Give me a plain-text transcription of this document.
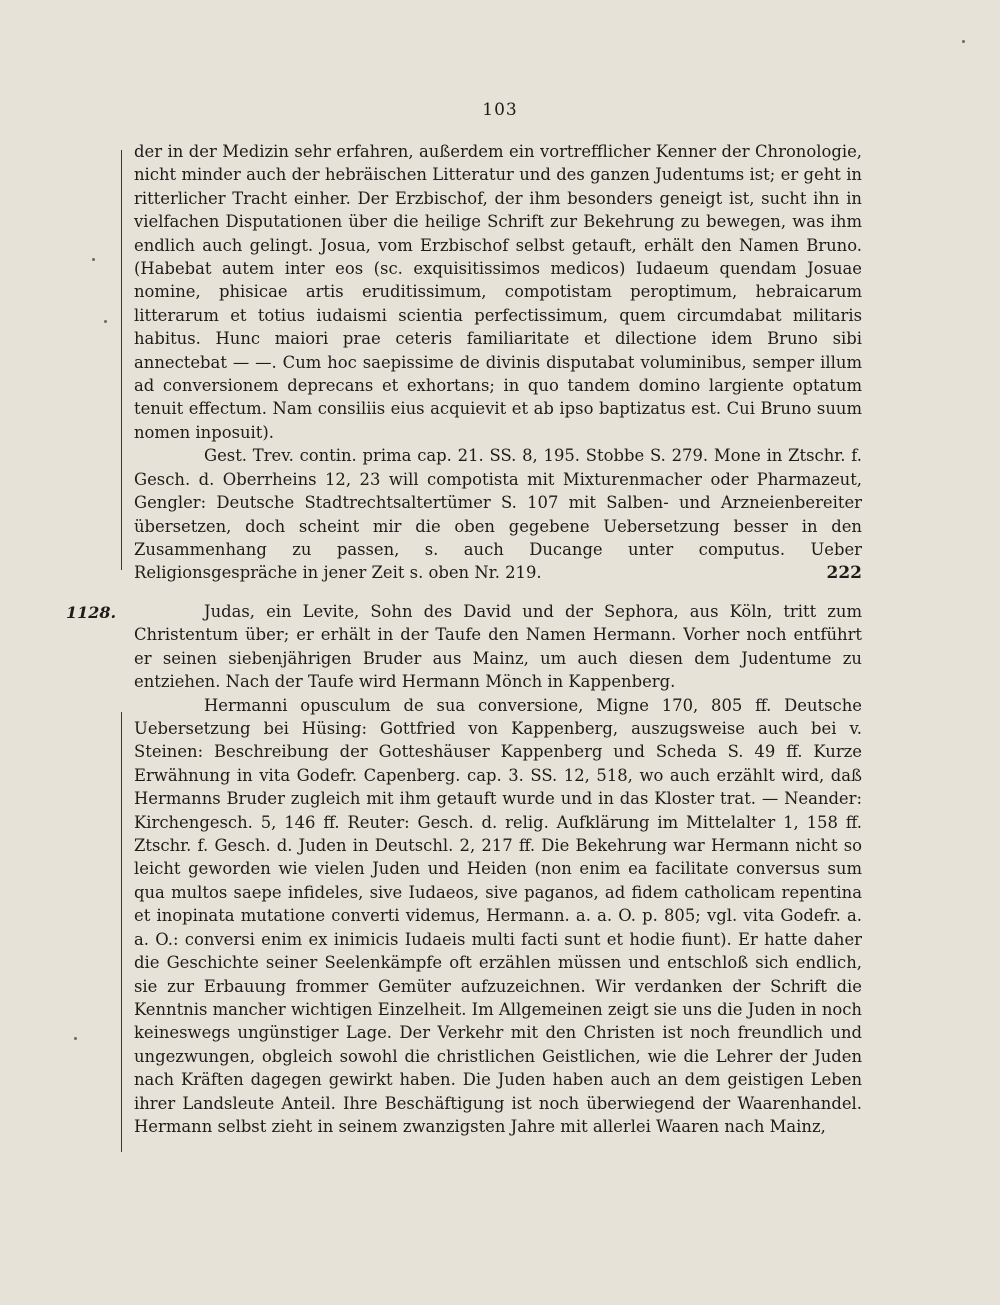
103

der in der Medizin sehr erfahren, außerdem ein vortrefflicher Kenner der Chronologie, nicht minder auch der hebräischen Litteratur und des ganzen Judentums ist; er geht in ritterlicher Tracht einher. Der Erzbischof, der ihm besonders geneigt ist, sucht ihn in vielfachen Disputationen über die heilige Schrift zur Bekehrung zu bewegen, was ihm endlich auch gelingt. Josua, vom Erzbischof selbst getauft, erhält den Namen Bruno. (Habebat autem inter eos (sc. exquisitissimos medicos) Iudaeum quendam Josuae nomine, phisicae artis eruditissimum, compotistam peroptimum, hebraicarum litterarum et totius iudaismi scientia perfectissimum, quem circumdabat militaris habitus. Hunc maiori prae ceteris familiaritate et dilectione idem Bruno sibi annectebat — —. Cum hoc saepissime de divinis disputabat voluminibus, semper illum ad conversionem deprecans et exhortans; in quo tandem domino largiente optatum tenuit effectum. Nam consiliis eius acquievit et ab ipso baptizatus est. Cui Bruno suum nomen inposuit).

Gest. Trev. contin. prima cap. 21. SS. 8, 195. Stobbe S. 279. Mone in Ztschr. f. Gesch. d. Oberrheins 12, 23 will compotista mit Mixturenmacher oder Pharmazeut, Gengler: Deutsche Stadtrechtsaltertümer S. 107 mit Salben- und Arzneienbereiter übersetzen, doch scheint mir die oben gegebene Uebersetzung besser in den Zusammenhang zu passen, s. auch Ducange unter computus. Ueber Religionsgespräche in jener Zeit s. oben Nr. 219.	222
1128.	Judas, ein Levite, Sohn des David und der Sephora, aus Köln, tritt zum Christentum über; er erhält in der Taufe den Namen Hermann. Vorher noch entführt er seinen siebenjährigen Bruder aus Mainz, um auch diesen dem Judentume zu entziehen. Nach der Taufe wird Hermann Mönch in Kappenberg.

Hermanni opusculum de sua conversione, Migne 170, 805 ff. Deutsche Uebersetzung bei Hüsing: Gottfried von Kappenberg, auszugsweise auch bei v. Steinen: Beschreibung der Gotteshäuser Kappenberg und Scheda S. 49 ff. Kurze Erwähnung in vita Godefr. Capenberg. cap. 3. SS. 12, 518, wo auch erzählt wird, daß Hermanns Bruder zugleich mit ihm getauft wurde und in das Kloster trat. — Neander: Kirchengesch. 5, 146 ff. Reuter: Gesch. d. relig. Aufklärung im Mittelalter 1, 158 ff. Ztschr. f. Gesch. d. Juden in Deutschl. 2, 217 ff. Die Bekehrung war Hermann nicht so leicht geworden wie vielen Juden und Heiden (non enim ea facilitate conversus sum qua multos saepe infideles, sive Iudaeos, sive paganos, ad fidem catholicam repentina et inopinata mutatione converti videmus, Hermann. a. a. O. p. 805; vgl. vita Godefr. a. a. O.: conversi enim ex inimicis Iudaeis multi facti sunt et hodie fiunt). Er hatte daher die Geschichte seiner Seelenkämpfe oft erzählen müssen und entschloß sich endlich, sie zur Erbauung frommer Gemüter aufzuzeichnen. Wir verdanken der Schrift die Kenntnis mancher wichtigen Einzelheit. Im Allgemeinen zeigt sie uns die Juden in noch keineswegs ungünstiger Lage. Der Verkehr mit den Christen ist noch freundlich und ungezwungen, obgleich sowohl die christlichen Geistlichen, wie die Lehrer der Juden nach Kräften dagegen gewirkt haben. Die Juden haben auch an dem geistigen Leben ihrer Landsleute Anteil. Ihre Beschäftigung ist noch überwiegend der Waarenhandel. Hermann selbst zieht in seinem zwanzigsten Jahre mit allerlei Waaren nach Mainz,
